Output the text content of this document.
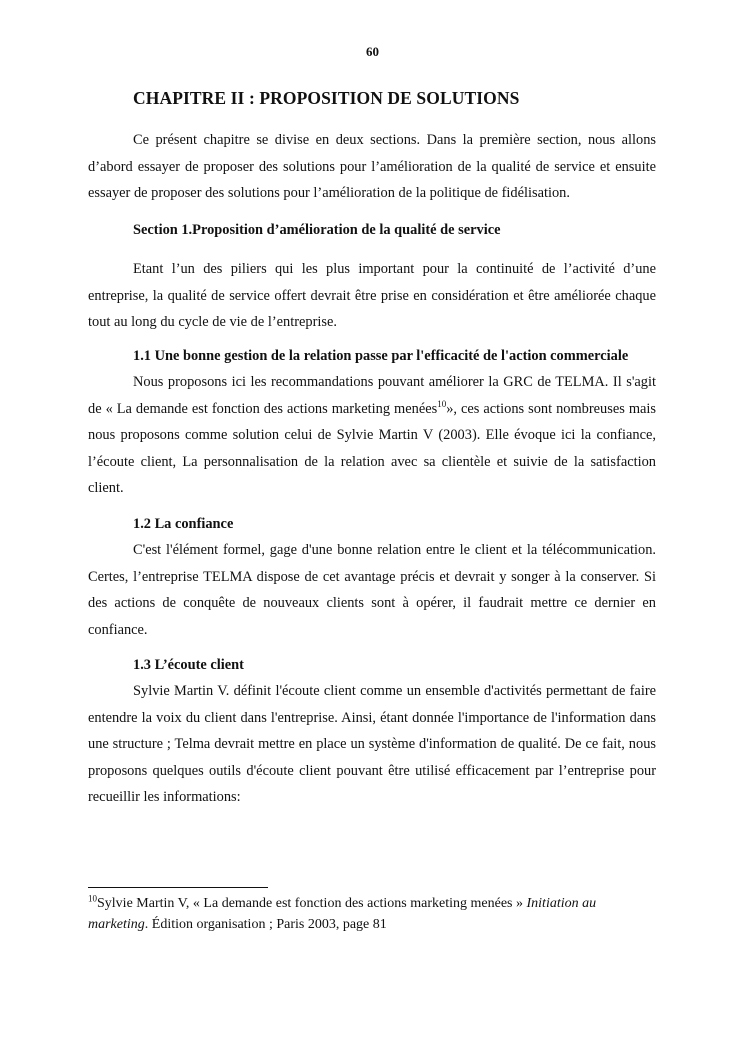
60
CHAPITRE II : PROPOSITION DE SOLUTIONS

Ce présent chapitre se divise en deux sections. Dans la première section, nous allons d’abord essayer de proposer des solutions pour l’amélioration de la qualité de service et ensuite essayer de proposer des solutions pour l’amélioration de la politique de fidélisation.

Section 1.Proposition d’amélioration de la qualité de service

Etant l’un des piliers qui les plus important pour la continuité de l’activité d’une entreprise, la qualité de service offert devrait être prise en considération et être améliorée chaque tout au long du cycle de vie de l’entreprise.

1.1 Une bonne gestion de la relation passe par l'efficacité de l'action commerciale

Nous proposons ici les recommandations pouvant améliorer la GRC de TELMA. Il s'agit de « La demande est fonction des actions marketing menées$^{10}$», ces actions sont nombreuses mais nous proposons comme solution celui de Sylvie Martin V (2003). Elle évoque ici la confiance, l’écoute client, La personnalisation de la relation avec sa clientèle et suivie de la satisfaction client.

1.2 La confiance

C'est l'élément formel, gage d'une bonne relation entre le client et la télécommunication. Certes, l’entreprise TELMA dispose de cet avantage précis et devrait y songer à la conserver. Si des actions de conquête de nouveaux clients sont à opérer, il faudrait mettre ce dernier en confiance.

1.3 L’écoute client

Sylvie Martin V. définit l'écoute client comme un ensemble d'activités permettant de faire entendre la voix du client dans l'entreprise. Ainsi, étant donnée l'importance de l'information dans une structure ; Telma devrait mettre en place un système d'information de qualité. De ce fait, nous proposons quelques outils d'écoute client pouvant être utilisé efficacement par l’entreprise pour recueillir les informations:

$^{10}$Sylvie Martin V, « La demande est fonction des actions marketing menées » Initiation au marketing. Édition organisation ; Paris 2003, page 81
